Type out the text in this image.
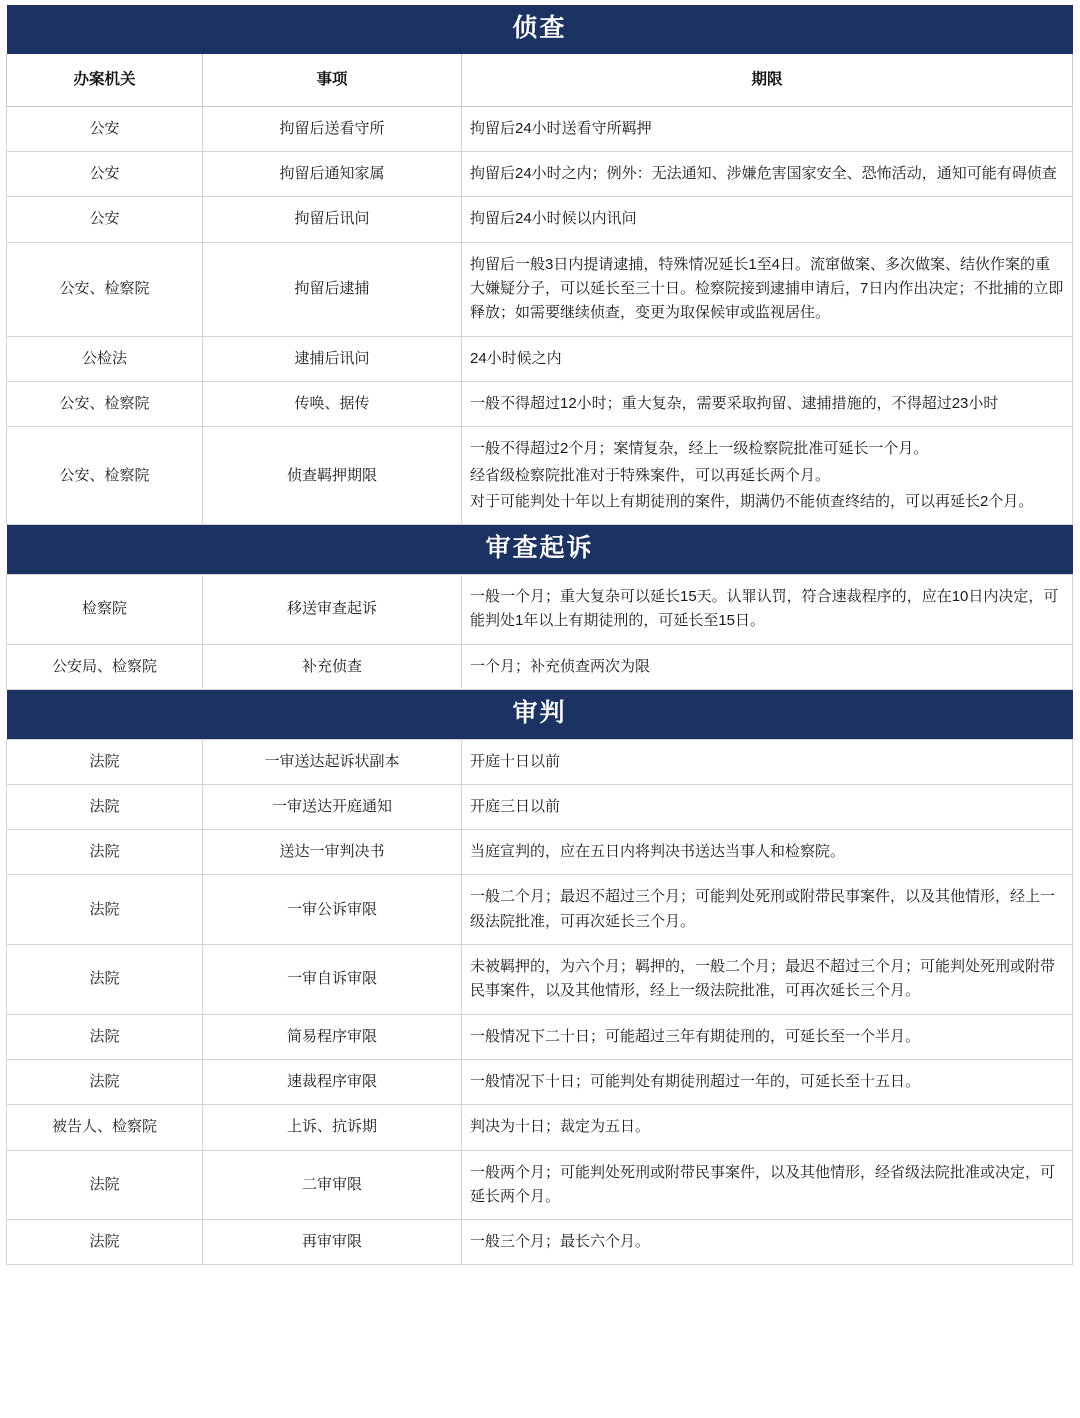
侦查		
办案机关	事项	期限
公安	拘留后送看守所	拘留后24小时送看守所羁押

公安	拘留后通知家属	拘留后24小时之内；例外：无法通知、涉嫌危害国家安全、恐怖活动，通知可能有碍侦查

公安	拘留后讯问	拘留后24小时候以内讯问

公安、检察院	拘留后逮捕	拘留后一般3日内提请逮捕，特殊情况延长1至4日。流窜做案、多次做案、结伙作案的重大嫌疑分子，可以延长至三十日。检察院接到逮捕申请后，7日内作出决定；不批捕的立即释放；如需要继续侦查，变更为取保候审或监视居住。

公检法	逮捕后讯问	24小时候之内

公安、检察院	传唤、据传	一般不得超过12小时；重大复杂，需要采取拘留、逮捕措施的，不得超过23小时

公安、检察院	侦查羁押期限	一般不得超过2个月；案情复杂，经上一级检察院批准可延长一个月。

经省级检察院批准对于特殊案件，可以再延长两个月。

对于可能判处十年以上有期徒刑的案件，期满仍不能侦查终结的，可以再延长2个月。

审查起诉		
检察院	移送审查起诉	一般一个月；重大复杂可以延长15天。认罪认罚，符合速裁程序的，应在10日内决定，可能判处1年以上有期徒刑的，可延长至15日。

公安局、检察院	补充侦查	一个月；补充侦查两次为限

审判		
法院	一审送达起诉状副本	开庭十日以前

法院	一审送达开庭通知	开庭三日以前

法院	送达一审判决书	当庭宣判的，应在五日内将判决书送达当事人和检察院。

法院	一审公诉审限	一般二个月；最迟不超过三个月；可能判处死刑或附带民事案件，以及其他情形，经上一级法院批准，可再次延长三个月。

法院	一审自诉审限	未被羁押的，为六个月；羁押的，一般二个月；最迟不超过三个月；可能判处死刑或附带民事案件，以及其他情形，经上一级法院批准，可再次延长三个月。

法院	简易程序审限	一般情况下二十日；可能超过三年有期徒刑的，可延长至一个半月。

法院	速裁程序审限	一般情况下十日；可能判处有期徒刑超过一年的，可延长至十五日。

被告人、检察院	上诉、抗诉期	判决为十日；裁定为五日。

法院	二审审限	一般两个月；可能判处死刑或附带民事案件，以及其他情形，经省级法院批准或决定，可延长两个月。

法院	再审审限	一般三个月；最长六个月。
